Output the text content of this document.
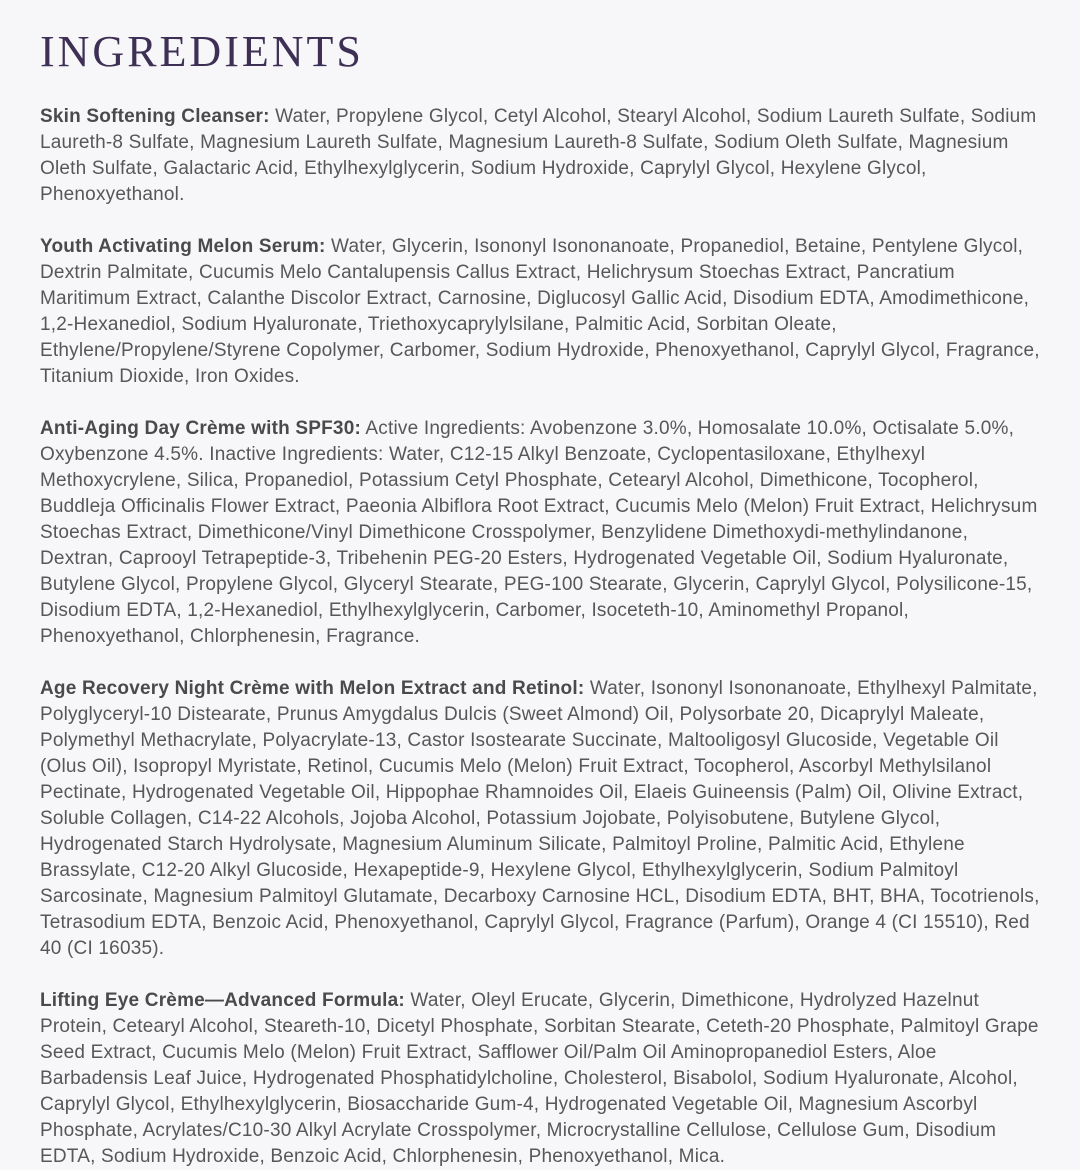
INGREDIENTS

Skin Softening Cleanser: Water, Propylene Glycol, Cetyl Alcohol, Stearyl Alcohol, Sodium Laureth Sulfate, Sodium Laureth-8 Sulfate, Magnesium Laureth Sulfate, Magnesium Laureth-8 Sulfate, Sodium Oleth Sulfate, Magnesium Oleth Sulfate, Galactaric Acid, Ethylhexylglycerin, Sodium Hydroxide, Caprylyl Glycol, Hexylene Glycol, Phenoxyethanol.

Youth Activating Melon Serum: Water, Glycerin, Isononyl Isononanoate, Propanediol, Betaine, Pentylene Glycol, Dextrin Palmitate, Cucumis Melo Cantalupensis Callus Extract, Helichrysum Stoechas Extract, Pancratium Maritimum Extract, Calanthe Discolor Extract, Carnosine, Diglucosyl Gallic Acid, Disodium EDTA, Amodimethicone, 1,2-Hexanediol, Sodium Hyaluronate, Triethoxycaprylylsilane, Palmitic Acid, Sorbitan Oleate, Ethylene/Propylene/Styrene Copolymer, Carbomer, Sodium Hydroxide, Phenoxyethanol, Caprylyl Glycol, Fragrance, Titanium Dioxide, Iron Oxides.

Anti-Aging Day Crème with SPF30: Active Ingredients: Avobenzone 3.0%, Homosalate 10.0%, Octisalate 5.0%, Oxybenzone 4.5%. Inactive Ingredients: Water, C12-15 Alkyl Benzoate, Cyclopentasiloxane, Ethylhexyl Methoxycrylene, Silica, Propanediol, Potassium Cetyl Phosphate, Cetearyl Alcohol, Dimethicone, Tocopherol, Buddleja Officinalis Flower Extract, Paeonia Albiflora Root Extract, Cucumis Melo (Melon) Fruit Extract, Helichrysum Stoechas Extract, Dimethicone/Vinyl Dimethicone Crosspolymer, Benzylidene Dimethoxydi-methylindanone, Dextran, Caprooyl Tetrapeptide-3, Tribehenin PEG-20 Esters, Hydrogenated Vegetable Oil, Sodium Hyaluronate, Butylene Glycol, Propylene Glycol, Glyceryl Stearate, PEG-100 Stearate, Glycerin, Caprylyl Glycol, Polysilicone-15, Disodium EDTA, 1,2-Hexanediol, Ethylhexylglycerin, Carbomer, Isoceteth-10, Aminomethyl Propanol, Phenoxyethanol, Chlorphenesin, Fragrance.

Age Recovery Night Crème with Melon Extract and Retinol: Water, Isononyl Isononanoate, Ethylhexyl Palmitate, Polyglyceryl-10 Distearate, Prunus Amygdalus Dulcis (Sweet Almond) Oil, Polysorbate 20, Dicaprylyl Maleate, Polymethyl Methacrylate, Polyacrylate-13, Castor Isostearate Succinate, Maltooligosyl Glucoside, Vegetable Oil (Olus Oil), Isopropyl Myristate, Retinol, Cucumis Melo (Melon) Fruit Extract, Tocopherol, Ascorbyl Methylsilanol Pectinate, Hydrogenated Vegetable Oil, Hippophae Rhamnoides Oil, Elaeis Guineensis (Palm) Oil, Olivine Extract, Soluble Collagen, C14-22 Alcohols, Jojoba Alcohol, Potassium Jojobate, Polyisobutene, Butylene Glycol, Hydrogenated Starch Hydrolysate, Magnesium Aluminum Silicate, Palmitoyl Proline, Palmitic Acid, Ethylene Brassylate, C12-20 Alkyl Glucoside, Hexapeptide-9, Hexylene Glycol, Ethylhexylglycerin, Sodium Palmitoyl Sarcosinate, Magnesium Palmitoyl Glutamate, Decarboxy Carnosine HCL, Disodium EDTA, BHT, BHA, Tocotrienols, Tetrasodium EDTA, Benzoic Acid, Phenoxyethanol, Caprylyl Glycol, Fragrance (Parfum), Orange 4 (CI 15510), Red 40 (CI 16035).

Lifting Eye Crème—Advanced Formula: Water, Oleyl Erucate, Glycerin, Dimethicone, Hydrolyzed Hazelnut Protein, Cetearyl Alcohol, Steareth-10, Dicetyl Phosphate, Sorbitan Stearate, Ceteth-20 Phosphate, Palmitoyl Grape Seed Extract, Cucumis Melo (Melon) Fruit Extract, Safflower Oil/Palm Oil Aminopropanediol Esters, Aloe Barbadensis Leaf Juice, Hydrogenated Phosphatidylcholine, Cholesterol, Bisabolol, Sodium Hyaluronate, Alcohol, Caprylyl Glycol, Ethylhexylglycerin, Biosaccharide Gum-4, Hydrogenated Vegetable Oil, Magnesium Ascorbyl Phosphate, Acrylates/C10-30 Alkyl Acrylate Crosspolymer, Microcrystalline Cellulose, Cellulose Gum, Disodium EDTA, Sodium Hydroxide, Benzoic Acid, Chlorphenesin, Phenoxyethanol, Mica.
